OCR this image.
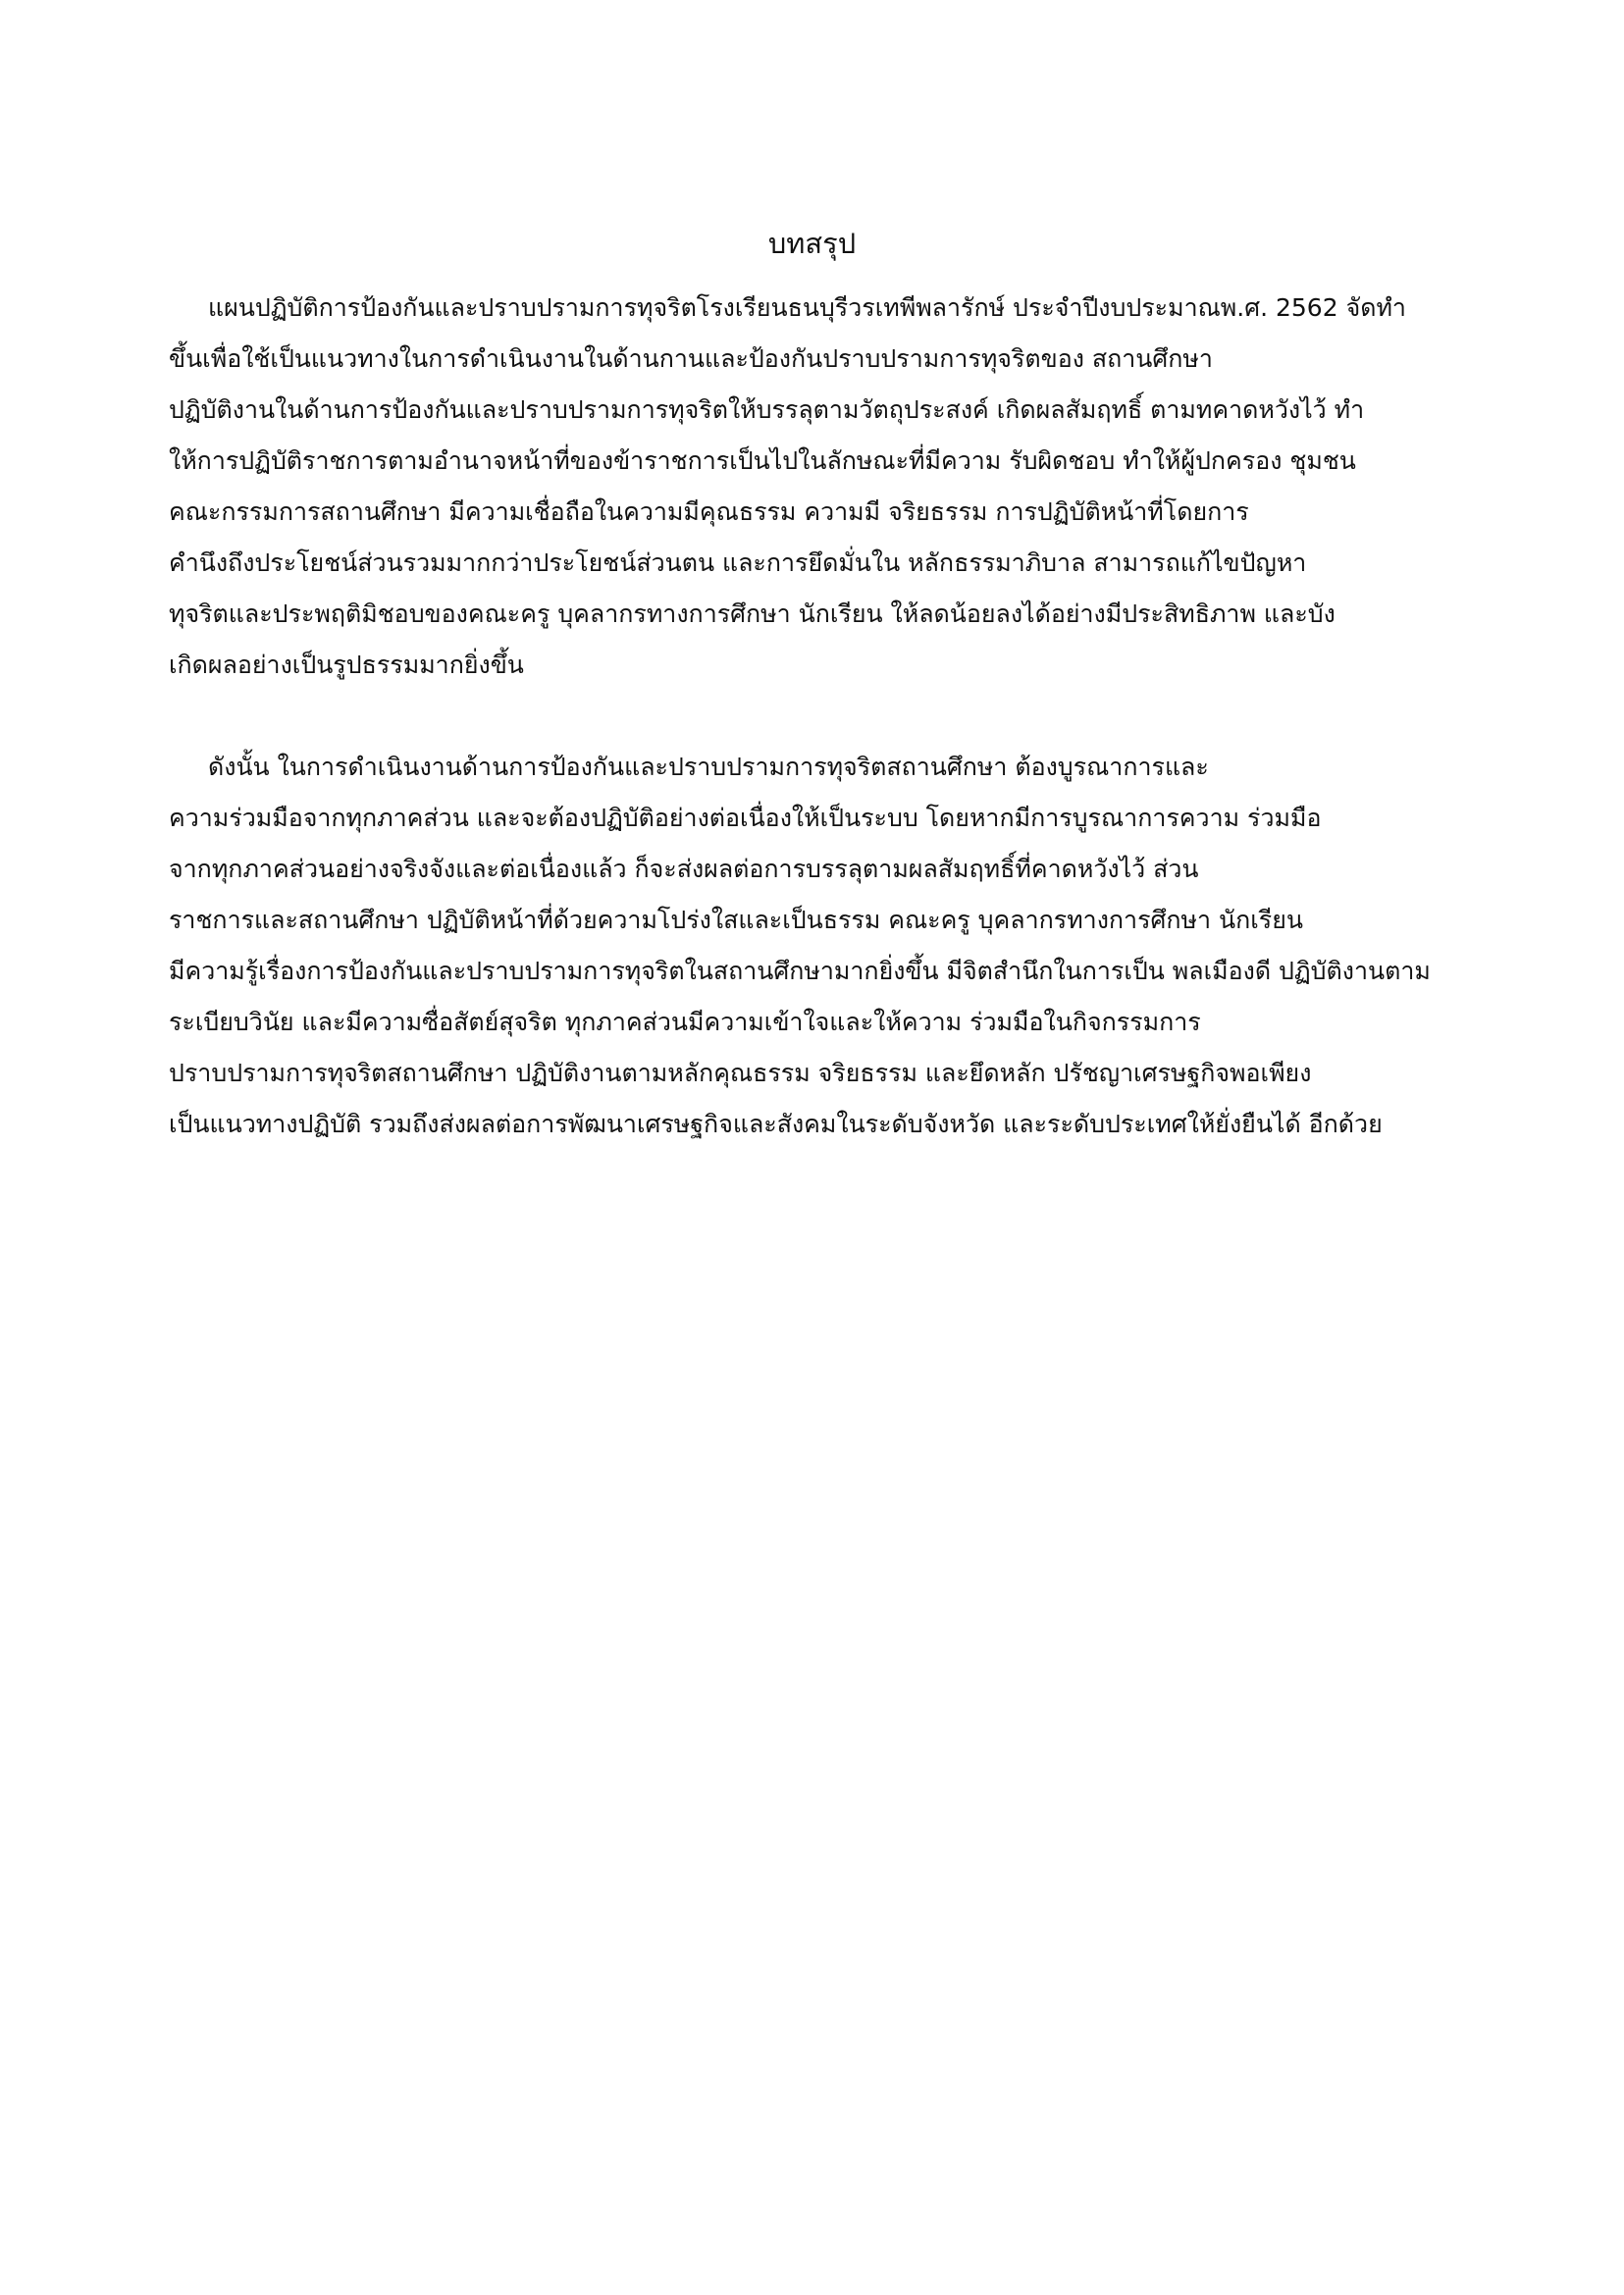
บทสรุป
แผนปฏิบัติการป้องกันและปราบปรามการทุจริตโรงเรียนธนบุรีวรเทพีพลารักษ์ ประจำปีงบประมาณพ.ศ. 2562 จัดทำ
ขึ้นเพื่อใช้เป็นแนวทางในการดำเนินงานในด้านกานและป้องกันปราบปรามการทุจริตของ สถานศึกษา
ปฏิบัติงานในด้านการป้องกันและปราบปรามการทุจริตให้บรรลุตามวัตถุประสงค์ เกิดผลสัมฤทธิ์ ตามทคาดหวังไว้ ทำ
ให้การปฏิบัติราชการตามอำนาจหน้าที่ของข้าราชการเป็นไปในลักษณะที่มีความ รับผิดชอบ ทำให้ผู้ปกครอง ชุมชน
คณะกรรมการสถานศึกษา มีความเชื่อถือในความมีคุณธรรม ความมี จริยธรรม การปฏิบัติหน้าที่โดยการ
คำนึงถึงประโยชน์ส่วนรวมมากกว่าประโยชน์ส่วนตน และการยึดมั่นใน หลักธรรมาภิบาล สามารถแก้ไขปัญหา
ทุจริตและประพฤติมิชอบของคณะครู บุคลากรทางการศึกษา นักเรียน ให้ลดน้อยลงได้อย่างมีประสิทธิภาพ และบัง
เกิดผลอย่างเป็นรูปธรรมมากยิ่งขึ้น
ดังนั้น ในการดำเนินงานด้านการป้องกันและปราบปรามการทุจริตสถานศึกษา ต้องบูรณาการและ
ความร่วมมือจากทุกภาคส่วน และจะต้องปฏิบัติอย่างต่อเนื่องให้เป็นระบบ โดยหากมีการบูรณาการความ ร่วมมือ
จากทุกภาคส่วนอย่างจริงจังและต่อเนื่องแล้ว ก็จะส่งผลต่อการบรรลุตามผลสัมฤทธิ์ที่คาดหวังไว้ ส่วน
ราชการและสถานศึกษา ปฏิบัติหน้าที่ด้วยความโปร่งใสและเป็นธรรม คณะครู บุคลากรทางการศึกษา นักเรียน
มีความรู้เรื่องการป้องกันและปราบปรามการทุจริตในสถานศึกษามากยิ่งขึ้น มีจิตสำนึกในการเป็น พลเมืองดี ปฏิบัติงานตาม
ระเบียบวินัย และมีความซื่อสัตย์สุจริต ทุกภาคส่วนมีความเข้าใจและให้ความ ร่วมมือในกิจกรรมการ
ปราบปรามการทุจริตสถานศึกษา ปฏิบัติงานตามหลักคุณธรรม จริยธรรม และยึดหลัก ปรัชญาเศรษฐกิจพอเพียง
เป็นแนวทางปฏิบัติ รวมถึงส่งผลต่อการพัฒนาเศรษฐกิจและสังคมในระดับจังหวัด และระดับประเทศให้ยั่งยืนได้ อีกด้วย
